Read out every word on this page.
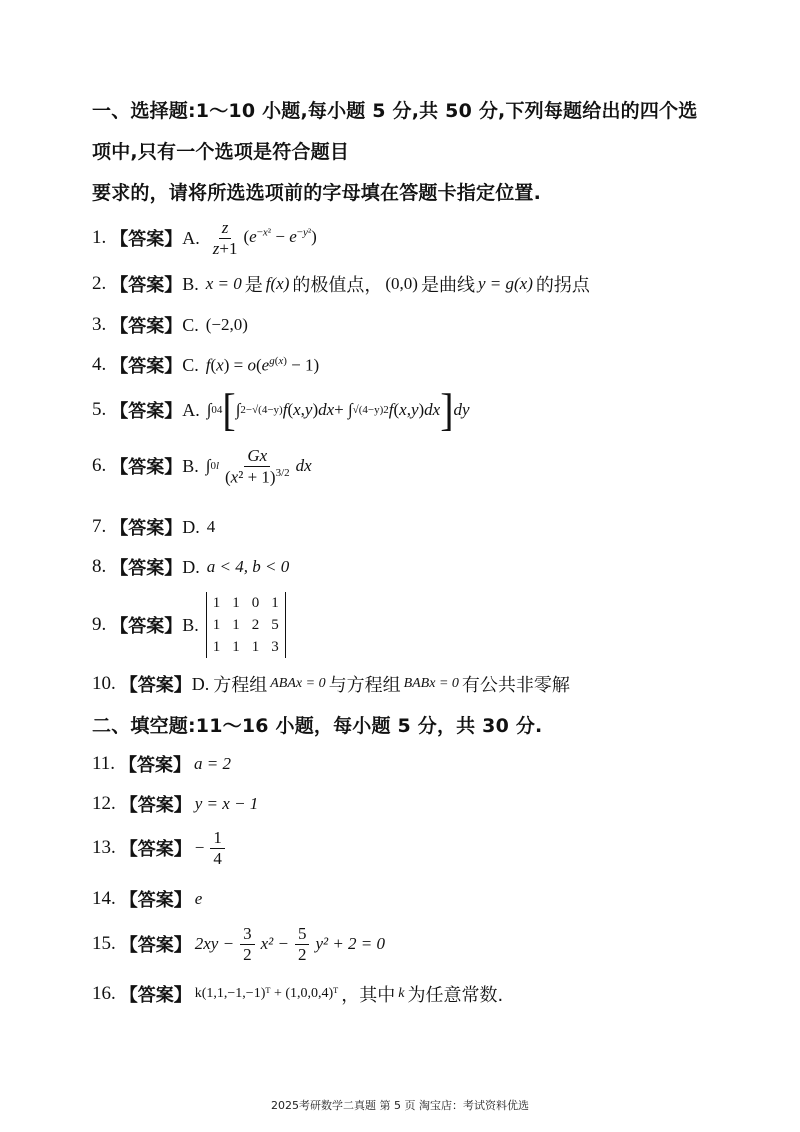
一、选择题:1～10 小题,每小题 5 分,共 50 分,下列每题给出的四个选
项中,只有一个选项是符合题目
要求的，请将所选选项前的字母填在答题卡指定位置.
1. 【答案】 A. $\frac{z}{z+1} (e^{-x^2} - e^{-y^2})$
2. 【答案】 B. x = 0 是 f(x) 的极值点， (0,0) 是曲线 y = g(x) 的拐点
3. 【答案】 C. (−2,0)
4. 【答案】 C. $f(x) = o(e^{g(x)} - 1)$
5. 【答案】 A. ∫ 0 4 [ ∫ 2 −√(4−y) f ( x , y ) dx + ∫ √(4−y) 2 f ( x , y ) dx ] dy
6. 【答案】 B. ∫ 0 l $\frac{Gx}{(x^2 + 1)^{3/2}}$ dx
7. 【答案】 D. 4
8. 【答案】 D. a < 4, b < 0
9. 【答案】 B.
1	1	0	1
1	1	2	5
1	1	1	3
10. 【答案】 D. 方程组 ABAx = 0 与方程组 BABx = 0 有公共非零解
二、填空题:11～16 小题，每小题 5 分，共 30 分.
11. 【答案】 a = 2
12. 【答案】 y = x − 1
13. 【答案】 − $\frac{1}{4}$
14. 【答案】 e
15. 【答案】 $2xy - \frac{3}{2} x^2 - \frac{5}{2} y^2 + 2 = 0$
16. 【答案】 k(1,1,−1,−1)ᵀ + (1,0,0,4)ᵀ ，其中 k 为任意常数.
2025考研数学二真题 第 5 页 淘宝店：考试资料优选
